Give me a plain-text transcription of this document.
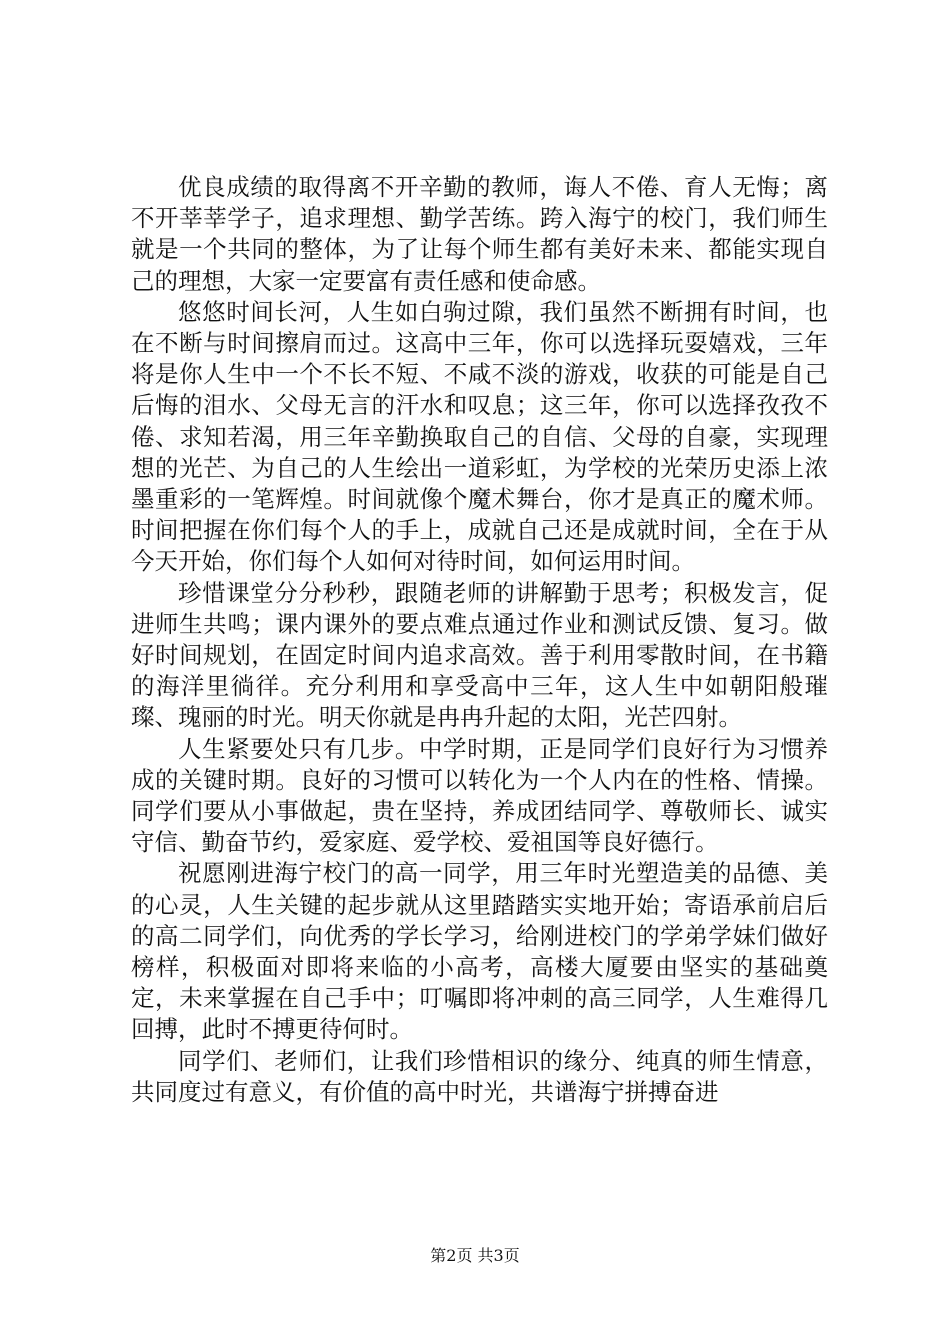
优良成绩的取得离不开辛勤的教师，诲人不倦、育人无悔；离不开莘莘学子，追求理想、勤学苦练。跨入海宁的校门，我们师生就是一个共同的整体，为了让每个师生都有美好未来、都能实现自己的理想，大家一定要富有责任感和使命感。

悠悠时间长河，人生如白驹过隙，我们虽然不断拥有时间，也在不断与时间擦肩而过。这高中三年，你可以选择玩耍嬉戏，三年将是你人生中一个不长不短、不咸不淡的游戏，收获的可能是自己后悔的泪水、父母无言的汗水和叹息；这三年，你可以选择孜孜不倦、求知若渴，用三年辛勤换取自己的自信、父母的自豪，实现理想的光芒、为自己的人生绘出一道彩虹，为学校的光荣历史添上浓墨重彩的一笔辉煌。时间就像个魔术舞台，你才是真正的魔术师。时间把握在你们每个人的手上，成就自己还是成就时间，全在于从今天开始，你们每个人如何对待时间，如何运用时间。

珍惜课堂分分秒秒，跟随老师的讲解勤于思考；积极发言，促进师生共鸣；课内课外的要点难点通过作业和测试反馈、复习。做好时间规划，在固定时间内追求高效。善于利用零散时间，在书籍的海洋里徜徉。充分利用和享受高中三年，这人生中如朝阳般璀璨、瑰丽的时光。明天你就是冉冉升起的太阳，光芒四射。

人生紧要处只有几步。中学时期，正是同学们良好行为习惯养成的关键时期。良好的习惯可以转化为一个人内在的性格、情操。同学们要从小事做起，贵在坚持，养成团结同学、尊敬师长、诚实守信、勤奋节约，爱家庭、爱学校、爱祖国等良好德行。

祝愿刚进海宁校门的高一同学，用三年时光塑造美的品德、美的心灵，人生关键的起步就从这里踏踏实实地开始；寄语承前启后的高二同学们，向优秀的学长学习，给刚进校门的学弟学妹们做好榜样，积极面对即将来临的小高考，高楼大厦要由坚实的基础奠定，未来掌握在自己手中；叮嘱即将冲刺的高三同学，人生难得几回搏，此时不搏更待何时。

同学们、老师们，让我们珍惜相识的缘分、纯真的师生情意，共同度过有意义，有价值的高中时光，共谱海宁拼搏奋进

第2页 共3页
